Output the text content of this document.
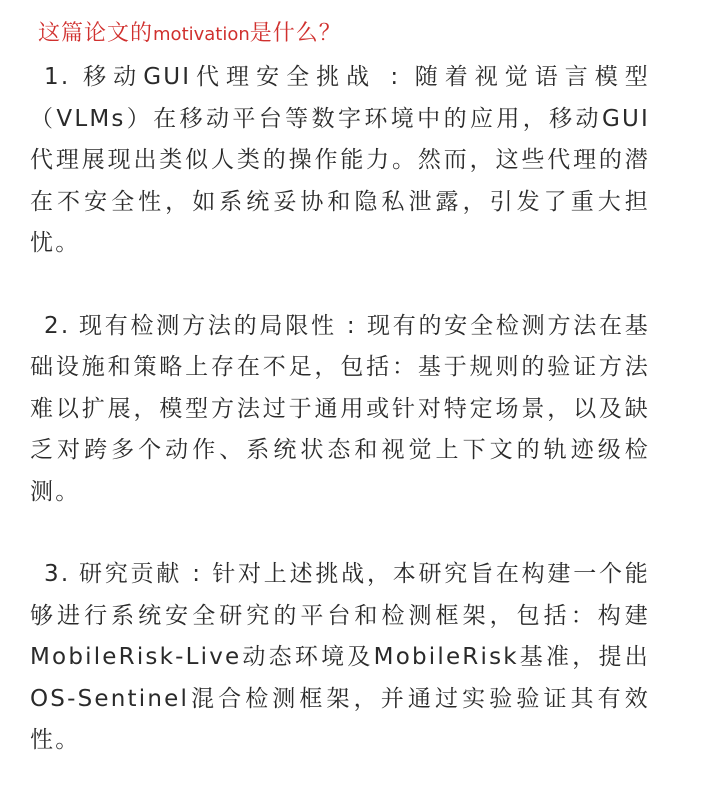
这篇论文的motivation是什么？

1. 移动GUI代理安全挑战 : 随着视觉语言模型（VLMs）在移动平台等数字环境中的应用，移动GUI代理展现出类似人类的操作能力。然而，这些代理的潜在不安全性，如系统妥协和隐私泄露，引发了重大担忧。

2. 现有检测方法的局限性 : 现有的安全检测方法在基础设施和策略上存在不足，包括：基于规则的验证方法难以扩展，模型方法过于通用或针对特定场景，以及缺乏对跨多个动作、系统状态和视觉上下文的轨迹级检测。

3. 研究贡献 : 针对上述挑战，本研究旨在构建一个能够进行系统安全研究的平台和检测框架，包括：构建MobileRisk-Live动态环境及MobileRisk基准，提出OS-Sentinel混合检测框架，并通过实验验证其有效性。
